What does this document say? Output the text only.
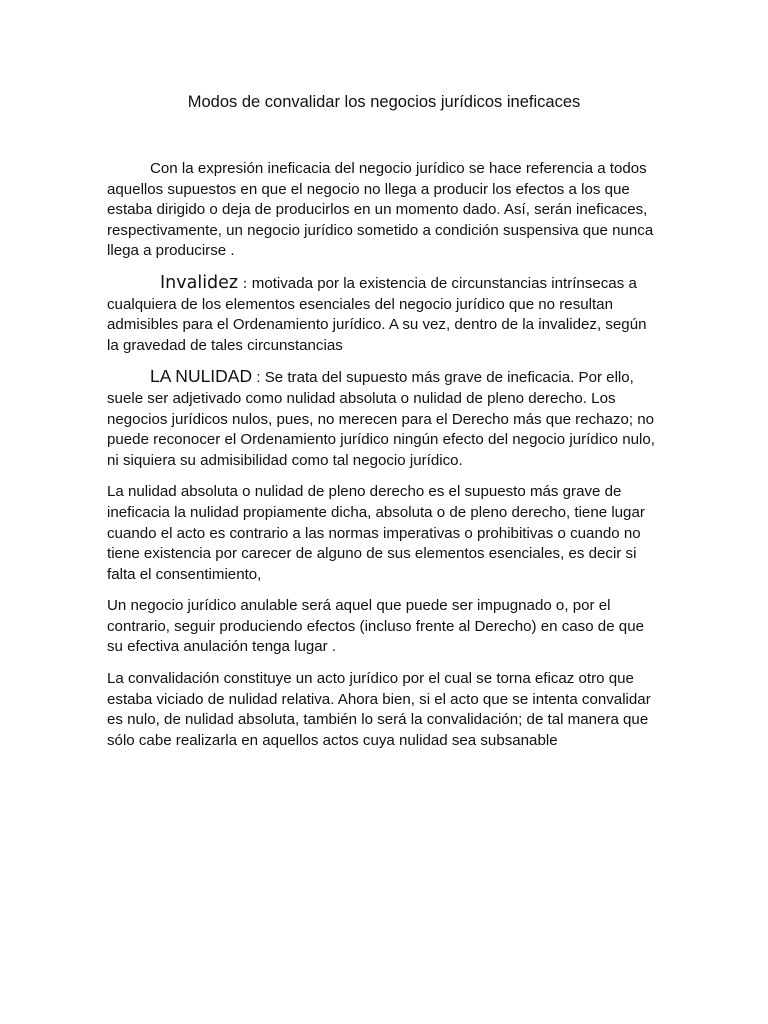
Modos de convalidar los negocios jurídicos ineficaces

Con la expresión ineficacia del negocio jurídico se hace referencia a todos aquellos supuestos en que el negocio no llega a producir los efectos a los que estaba dirigido o deja de producirlos en un momento dado. Así, serán ineficaces, respectivamente, un negocio jurídico sometido a condición suspensiva que nunca llega a producirse .

Invalidez : motivada por la existencia de circunstancias intrínsecas a cualquiera de los elementos esenciales del negocio jurídico que no resultan admisibles para el Ordenamiento jurídico. A su vez, dentro de la invalidez, según la gravedad de tales circunstancias

LA NULIDAD : Se trata del supuesto más grave de ineficacia. Por ello, suele ser adjetivado como nulidad absoluta o nulidad de pleno derecho. Los negocios jurídicos nulos, pues, no merecen para el Derecho más que rechazo; no puede reconocer el Ordenamiento jurídico ningún efecto del negocio jurídico nulo, ni siquiera su admisibilidad como tal negocio jurídico.

La nulidad absoluta o nulidad de pleno derecho es el supuesto más grave de ineficacia la nulidad propiamente dicha, absoluta o de pleno derecho, tiene lugar cuando el acto es contrario a las normas imperativas o prohibitivas o cuando no tiene existencia por carecer de alguno de sus elementos esenciales, es decir si falta el consentimiento,

Un negocio jurídico anulable será aquel que puede ser impugnado o, por el contrario, seguir produciendo efectos (incluso frente al Derecho) en caso de que su efectiva anulación tenga lugar .

La convalidación constituye un acto jurídico por el cual se torna eficaz otro que estaba viciado de nulidad relativa. Ahora bien, si el acto que se intenta convalidar es nulo, de nulidad absoluta, también lo será la convalidación; de tal manera que sólo cabe realizarla en aquellos actos cuya nulidad sea subsanable
